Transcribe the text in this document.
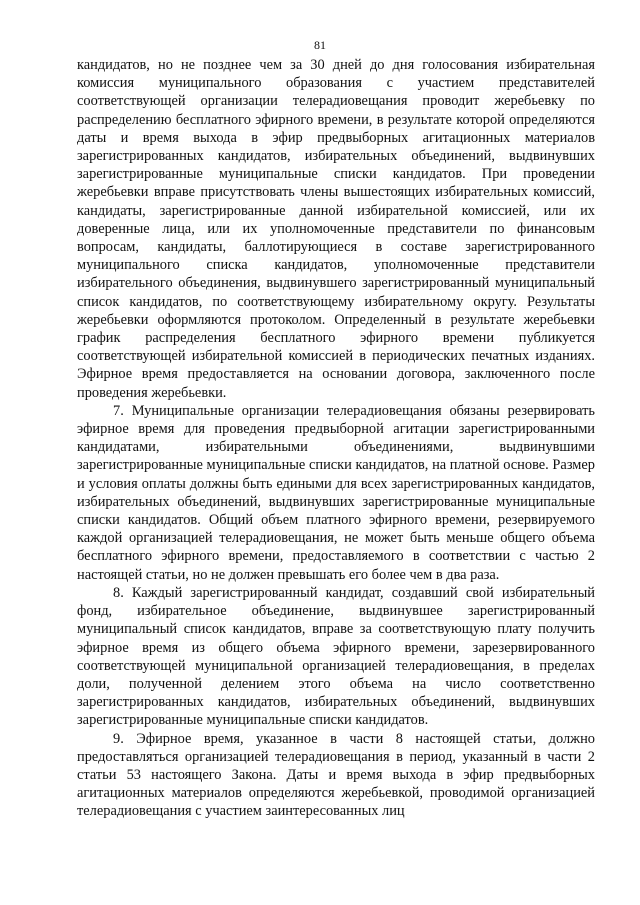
81

кандидатов, но не позднее чем за 30 дней до дня голосования избирательная комиссия муниципального образования с участием представителей соответствующей организации телерадиовещания проводит жеребьевку по распределению бесплатного эфирного времени, в результате которой определяются даты и время выхода в эфир предвыборных агитационных материалов зарегистрированных кандидатов, избирательных объединений, выдвинувших зарегистрированные муниципальные списки кандидатов. При проведении жеребьевки вправе присутствовать члены вышестоящих избирательных комиссий, кандидаты, зарегистрированные данной избирательной комиссией, или их доверенные лица, или их уполномоченные представители по финансовым вопросам, кандидаты, баллотирующиеся в составе зарегистрированного муниципального списка кандидатов, уполномоченные представители избирательного объединения, выдвинувшего зарегистрированный муниципальный список кандидатов, по соответствующему избирательному округу. Результаты жеребьевки оформляются протоколом. Определенный в результате жеребьевки график распределения бесплатного эфирного времени публикуется соответствующей избирательной комиссией в периодических печатных изданиях. Эфирное время предоставляется на основании договора, заключенного после проведения жеребьевки.

7. Муниципальные организации телерадиовещания обязаны резервировать эфирное время для проведения предвыборной агитации зарегистрированными кандидатами, избирательными объединениями, выдвинувшими зарегистрированные муниципальные списки кандидатов, на платной основе. Размер и условия оплаты должны быть едиными для всех зарегистрированных кандидатов, избирательных объединений, выдвинувших зарегистрированные муниципальные списки кандидатов. Общий объем платного эфирного времени, резервируемого каждой организацией телерадиовещания, не может быть меньше общего объема бесплатного эфирного времени, предоставляемого в соответствии с частью 2 настоящей статьи, но не должен превышать его более чем в два раза.

8. Каждый зарегистрированный кандидат, создавший свой избирательный фонд, избирательное объединение, выдвинувшее зарегистрированный муниципальный список кандидатов, вправе за соответствующую плату получить эфирное время из общего объема эфирного времени, зарезервированного соответствующей муниципальной организацией телерадиовещания, в пределах доли, полученной делением этого объема на число соответственно зарегистрированных кандидатов, избирательных объединений, выдвинувших зарегистрированные муниципальные списки кандидатов.

9. Эфирное время, указанное в части 8 настоящей статьи, должно предоставляться организацией телерадиовещания в период, указанный в части 2 статьи 53 настоящего Закона. Даты и время выхода в эфир предвыборных агитационных материалов определяются жеребьевкой, проводимой организацией телерадиовещания с участием заинтересованных лиц
